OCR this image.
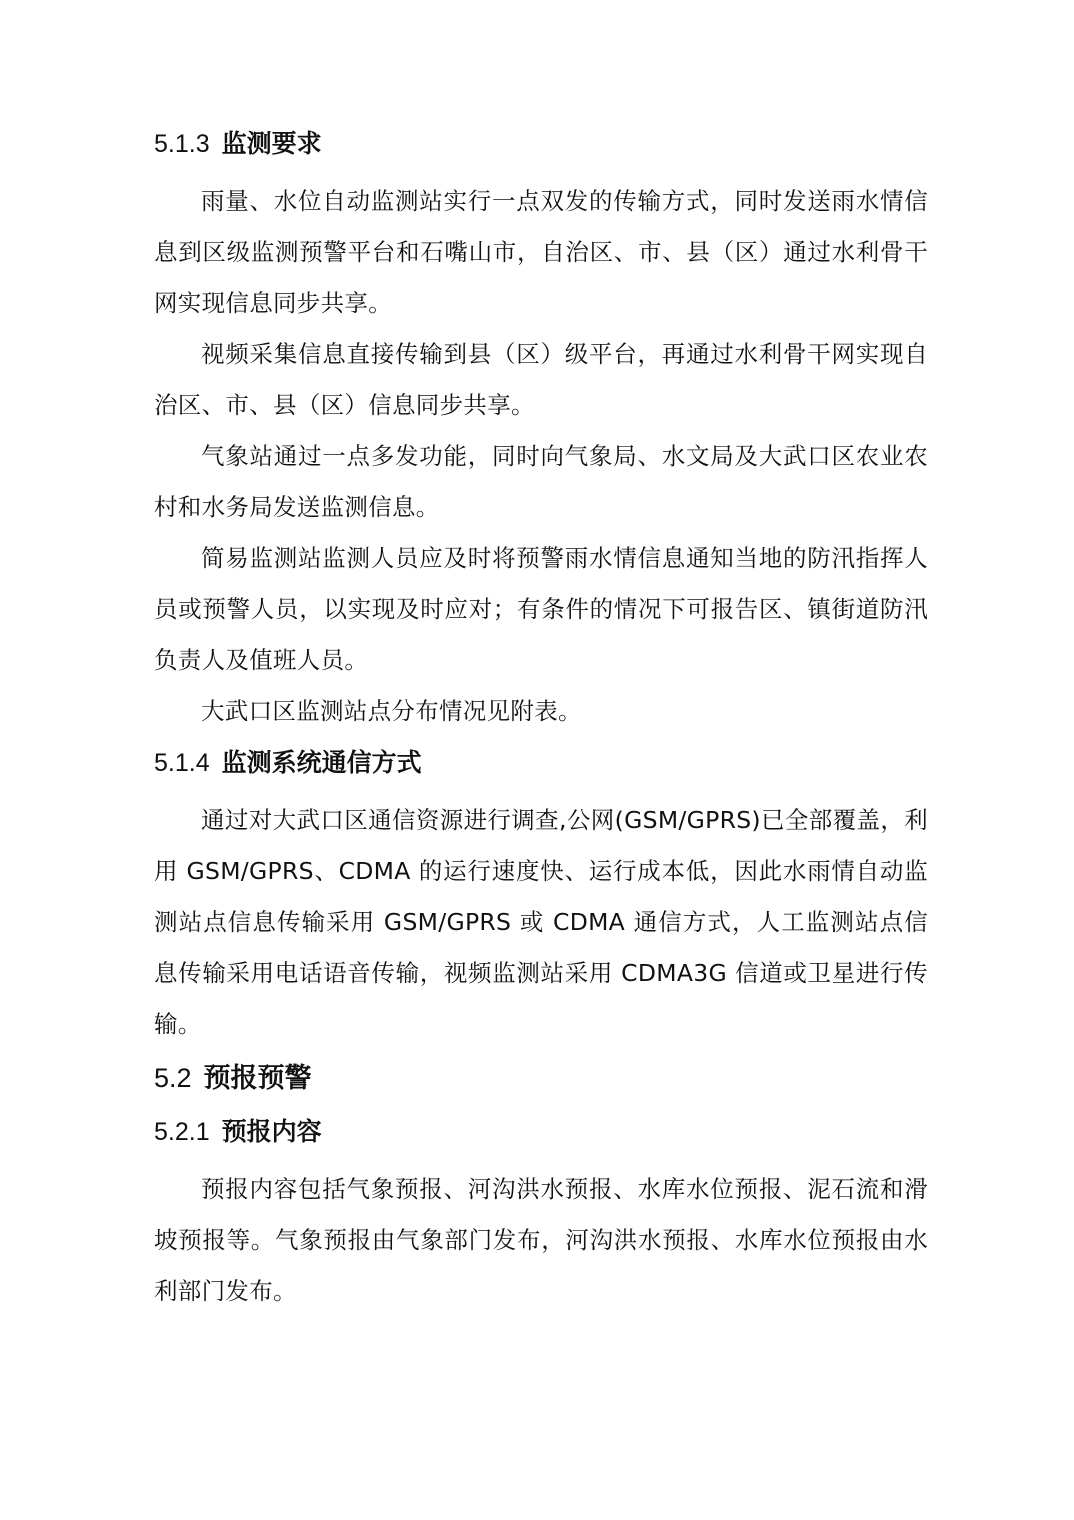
5.1.3 监测要求

雨量、水位自动监测站实行一点双发的传输方式，同时发送雨水情信息到区级监测预警平台和石嘴山市，自治区、市、县（区）通过水利骨干网实现信息同步共享。

视频采集信息直接传输到县（区）级平台，再通过水利骨干网实现自治区、市、县（区）信息同步共享。

气象站通过一点多发功能，同时向气象局、水文局及大武口区农业农村和水务局发送监测信息。

简易监测站监测人员应及时将预警雨水情信息通知当地的防汛指挥人员或预警人员，以实现及时应对；有条件的情况下可报告区、镇街道防汛负责人及值班人员。

大武口区监测站点分布情况见附表。

5.1.4 监测系统通信方式

通过对大武口区通信资源进行调查,公网(GSM/GPRS)已全部覆盖，利用 GSM/GPRS、CDMA 的运行速度快、运行成本低，因此水雨情自动监测站点信息传输采用 GSM/GPRS 或 CDMA 通信方式，人工监测站点信息传输采用电话语音传输，视频监测站采用 CDMA3G 信道或卫星进行传输。

5.2 预报预警
5.2.1 预报内容

预报内容包括气象预报、河沟洪水预报、水库水位预报、泥石流和滑坡预报等。气象预报由气象部门发布，河沟洪水预报、水库水位预报由水利部门发布。
